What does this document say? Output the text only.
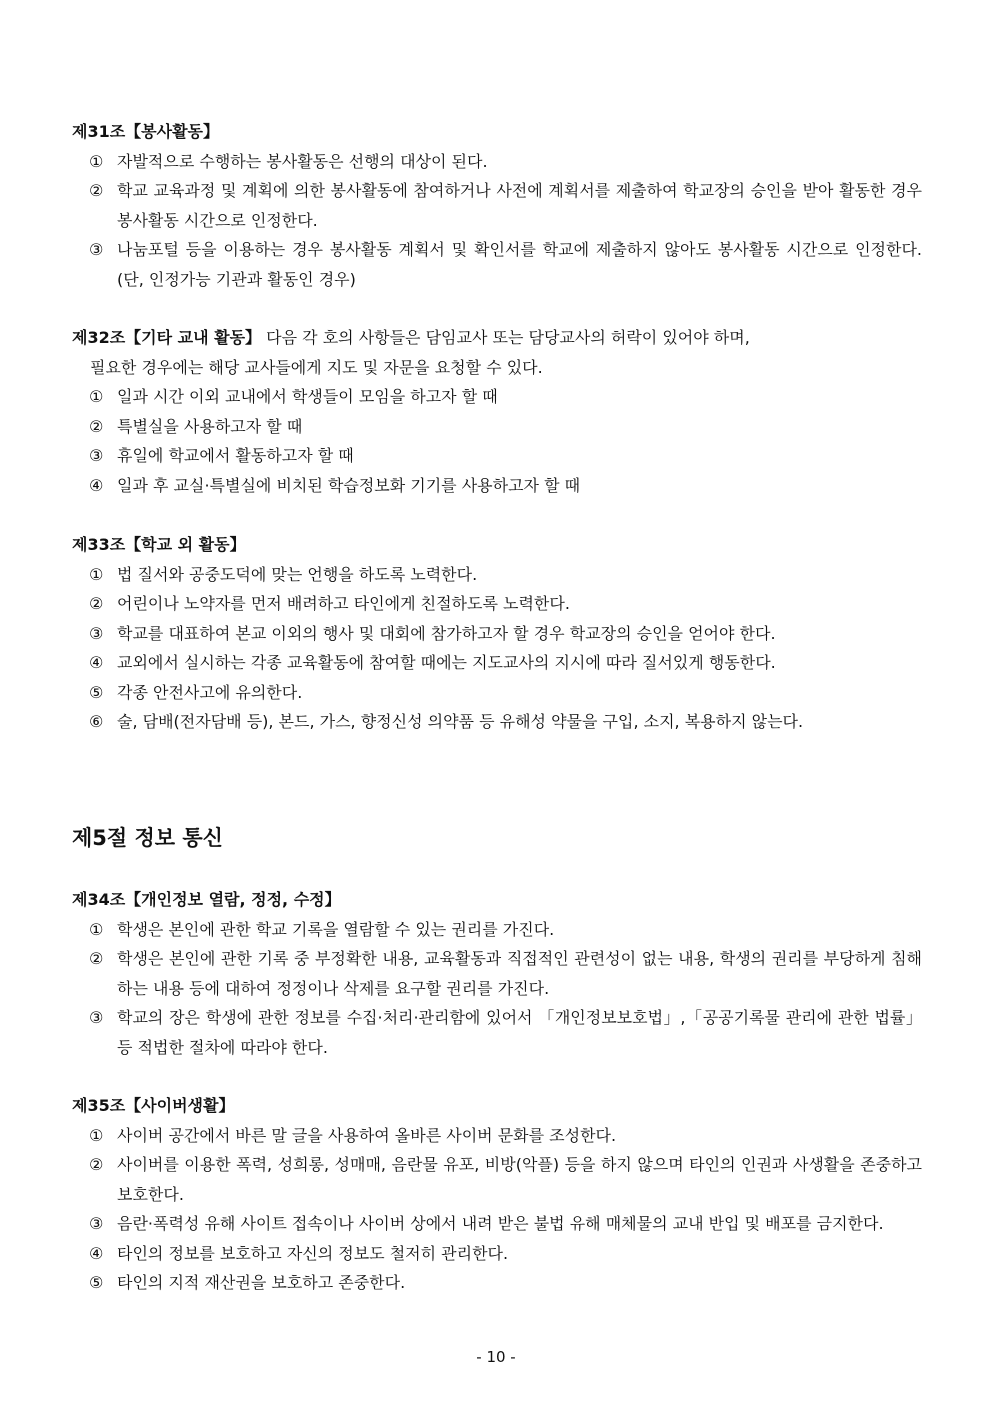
제31조【봉사활동】
① 자발적으로 수행하는 봉사활동은 선행의 대상이 된다.
② 학교 교육과정 및 계획에 의한 봉사활동에 참여하거나 사전에 계획서를 제출하여 학교장의 승인을 받아 활동한 경우 봉사활동 시간으로 인정한다.
③ 나눔포털 등을 이용하는 경우 봉사활동 계획서 및 확인서를 학교에 제출하지 않아도 봉사활동 시간으로 인정한다. (단, 인정가능 기관과 활동인 경우)
제32조【기타 교내 활동】 다음 각 호의 사항들은 담임교사 또는 담당교사의 허락이 있어야 하며,
필요한 경우에는 해당 교사들에게 지도 및 자문을 요청할 수 있다.
① 일과 시간 이외 교내에서 학생들이 모임을 하고자 할 때
② 특별실을 사용하고자 할 때
③ 휴일에 학교에서 활동하고자 할 때
④ 일과 후 교실·특별실에 비치된 학습정보화 기기를 사용하고자 할 때
제33조【학교 외 활동】
① 법 질서와 공중도덕에 맞는 언행을 하도록 노력한다.
② 어린이나 노약자를 먼저 배려하고 타인에게 친절하도록 노력한다.
③ 학교를 대표하여 본교 이외의 행사 및 대회에 참가하고자 할 경우 학교장의 승인을 얻어야 한다.
④ 교외에서 실시하는 각종 교육활동에 참여할 때에는 지도교사의 지시에 따라 질서있게 행동한다.
⑤ 각종 안전사고에 유의한다.
⑥ 술, 담배(전자담배 등), 본드, 가스, 향정신성 의약품 등 유해성 약물을 구입, 소지, 복용하지 않는다.
제5절 정보 통신
제34조【개인정보 열람, 정정, 수정】
① 학생은 본인에 관한 학교 기록을 열람할 수 있는 권리를 가진다.
② 학생은 본인에 관한 기록 중 부정확한 내용, 교육활동과 직접적인 관련성이 없는 내용, 학생의 권리를 부당하게 침해하는 내용 등에 대하여 정정이나 삭제를 요구할 권리를 가진다.
③ 학교의 장은 학생에 관한 정보를 수집·처리·관리함에 있어서 「개인정보보호법」,「공공기록물 관리에 관한 법률」 등 적법한 절차에 따라야 한다.
제35조【사이버생활】
① 사이버 공간에서 바른 말 글을 사용하여 올바른 사이버 문화를 조성한다.
② 사이버를 이용한 폭력, 성희롱, 성매매, 음란물 유포, 비방(악플) 등을 하지 않으며 타인의 인권과 사생활을 존중하고 보호한다.
③ 음란·폭력성 유해 사이트 접속이나 사이버 상에서 내려 받은 불법 유해 매체물의 교내 반입 및 배포를 금지한다.
④ 타인의 정보를 보호하고 자신의 정보도 철저히 관리한다.
⑤ 타인의 지적 재산권을 보호하고 존중한다.
- 10 -
